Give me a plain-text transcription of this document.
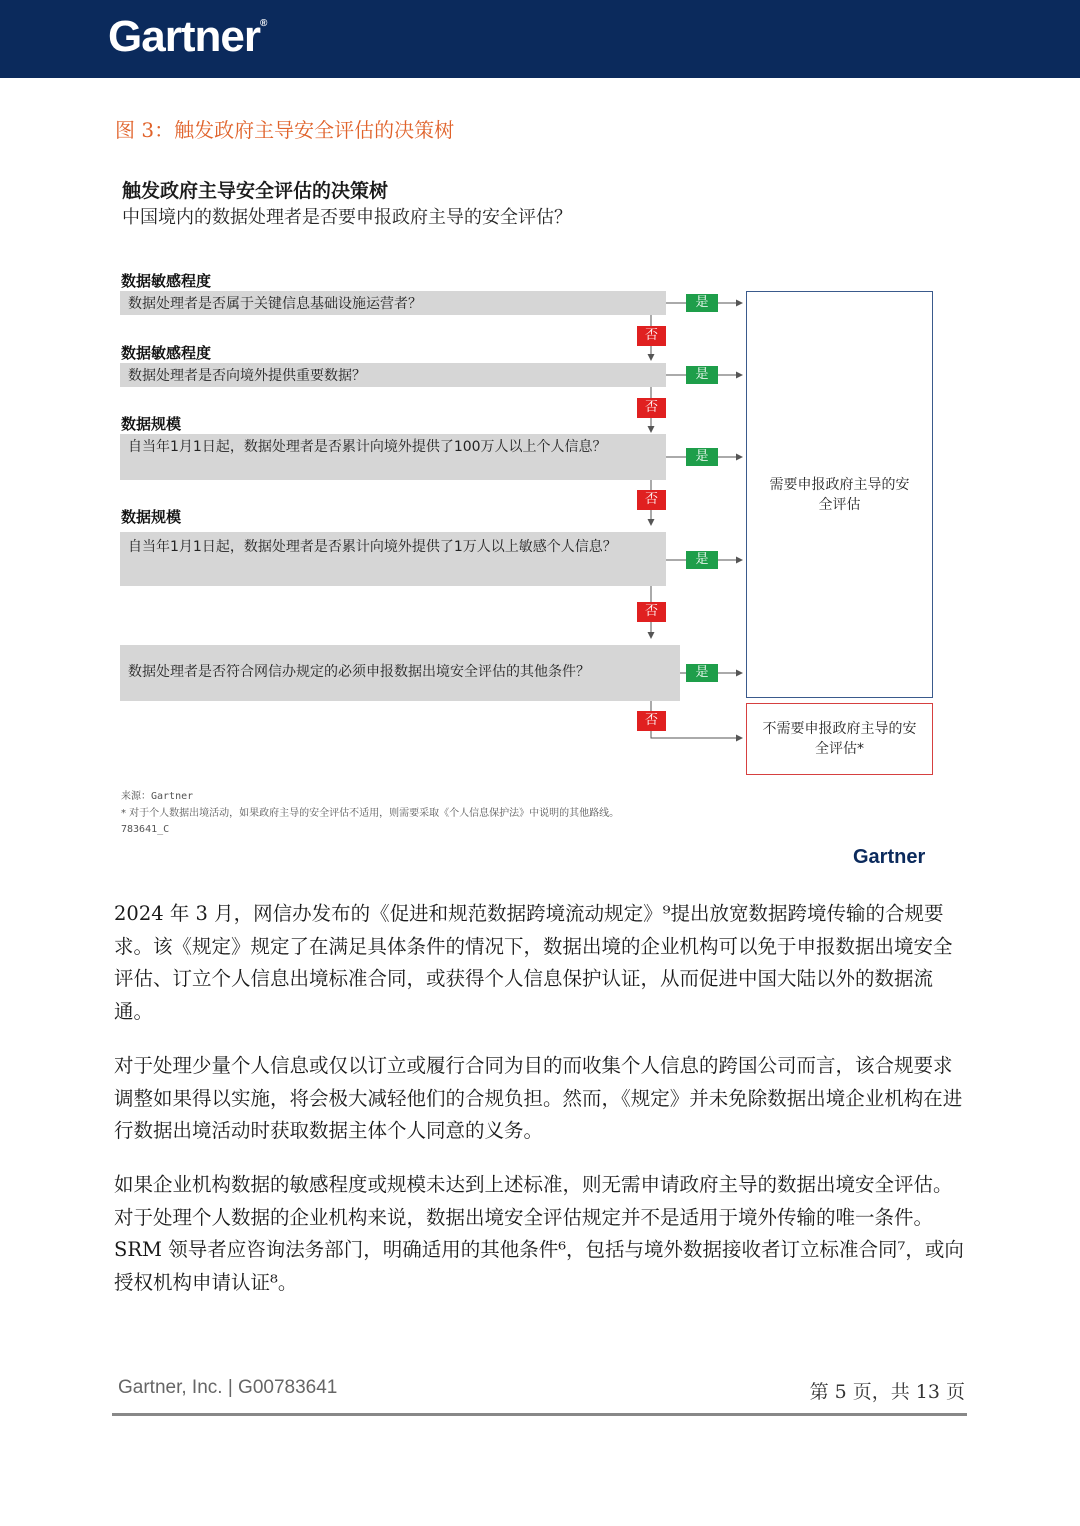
Gartner®
图 3：触发政府主导安全评估的决策树
触发政府主导安全评估的决策树
中国境内的数据处理者是否要申报政府主导的安全评估？
数据敏感程度
数据处理者是否属于关键信息基础设施运营者？	是
否
数据敏感程度
数据处理者是否向境外提供重要数据？	是
否
数据规模
自当年1月1日起，数据处理者是否累计向境外提供了100万人以上个人信息？
是
否
数据规模
自当年1月1日起，数据处理者是否累计向境外提供了1万人以上敏感个人信息？
是
否
数据处理者是否符合网信办规定的必须申报数据出境安全评估的其他条件？	是
否
需要申报政府主导的安全评估
不需要申报政府主导的安全评估*
来源：Gartner
* 对于个人数据出境活动，如果政府主导的安全评估不适用，则需要采取《个人信息保护法》中说明的其他路线。
783641_C
Gartner
2024 年 3 月，网信办发布的《促进和规范数据跨境流动规定》⁹提出放宽数据跨境传输的合规要求。该《规定》规定了在满足具体条件的情况下，数据出境的企业机构可以免于申报数据出境安全评估、订立个人信息出境标准合同，或获得个人信息保护认证，从而促进中国大陆以外的数据流通。
对于处理少量个人信息或仅以订立或履行合同为目的而收集个人信息的跨国公司而言，该合规要求调整如果得以实施，将会极大减轻他们的合规负担。然而，《规定》并未免除数据出境企业机构在进行数据出境活动时获取数据主体个人同意的义务。
如果企业机构数据的敏感程度或规模未达到上述标准，则无需申请政府主导的数据出境安全评估。对于处理个人数据的企业机构来说，数据出境安全评估规定并不是适用于境外传输的唯一条件。SRM 领导者应咨询法务部门，明确适用的其他条件⁶，包括与境外数据接收者订立标准合同⁷，或向授权机构申请认证⁸。
Gartner, Inc. | G00783641	第 5 页，共 13 页
